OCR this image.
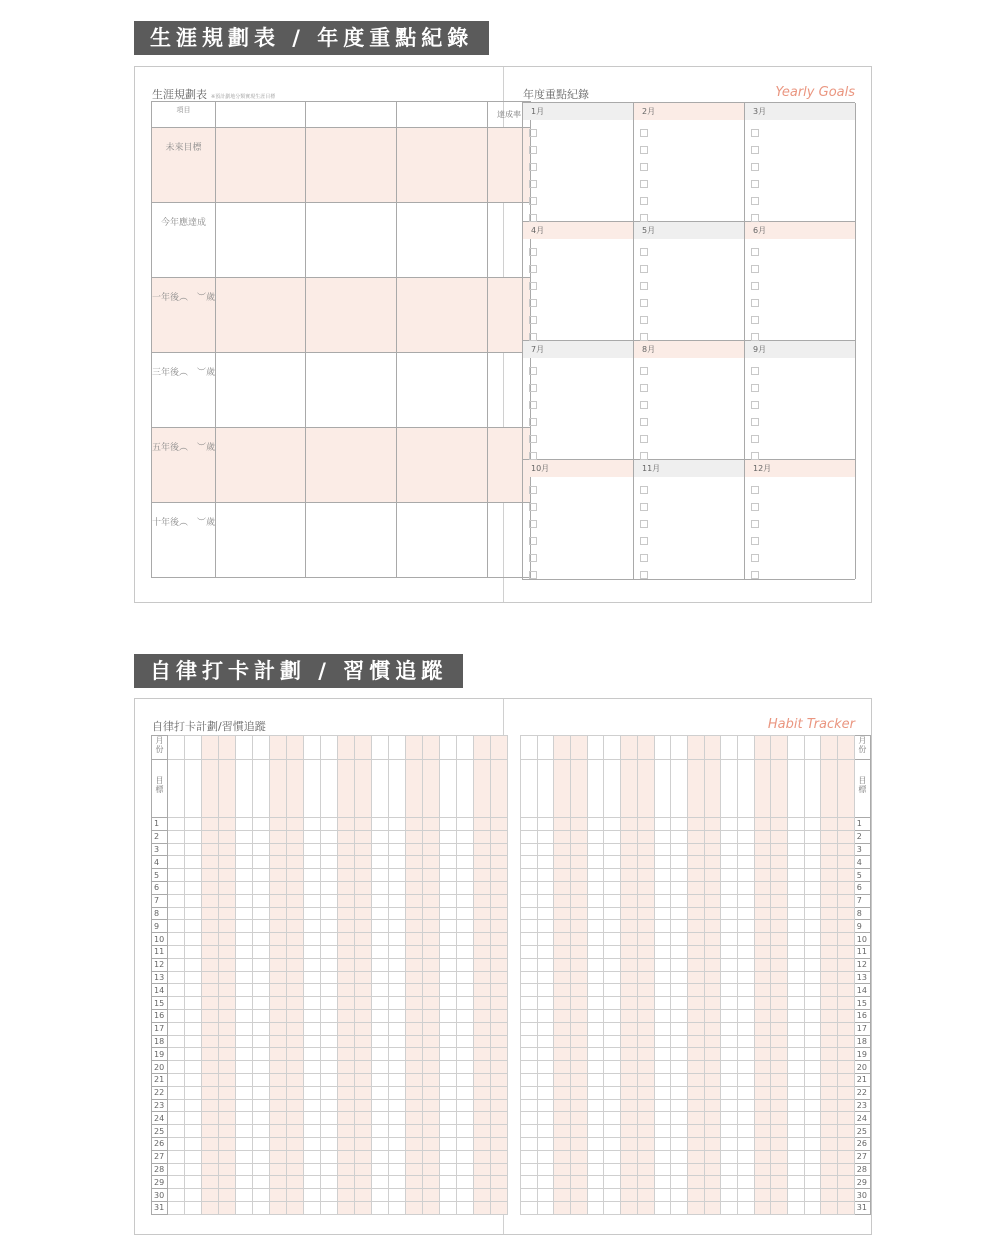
生涯規劃表 / 年度重點紀錄
生涯規劃表 ※預計劃地分類實現生涯目標
項目				達成率
未來目標				
今年應達成				
一年後︵　︶歲				
三年後︵　︶歲				
五年後︵　︶歲				
十年後︵　︶歲				
年度重點紀錄	Yearly Goals
1月	2月	3月
4月	5月	6月
7月	8月	9月
10月	11月	12月
自律打卡計劃 / 習慣追蹤
自律打卡計劃/習慣追蹤	Habit Tracker
月份																				
目標																				
1																				
2																				
3																				
4																				
5																				
6																				
7																				
8																				
9																				
10																				
11																				
12																				
13																				
14																				
15																				
16																				
17																				
18																				
19																				
20																				
21																				
22																				
23																				
24																				
25																				
26																				
27																				
28																				
29																				
30																				
31																				
																				月份
																				目標
																				1
																				2
																				3
																				4
																				5
																				6
																				7
																				8
																				9
																				10
																				11
																				12
																				13
																				14
																				15
																				16
																				17
																				18
																				19
																				20
																				21
																				22
																				23
																				24
																				25
																				26
																				27
																				28
																				29
																				30
																				31
